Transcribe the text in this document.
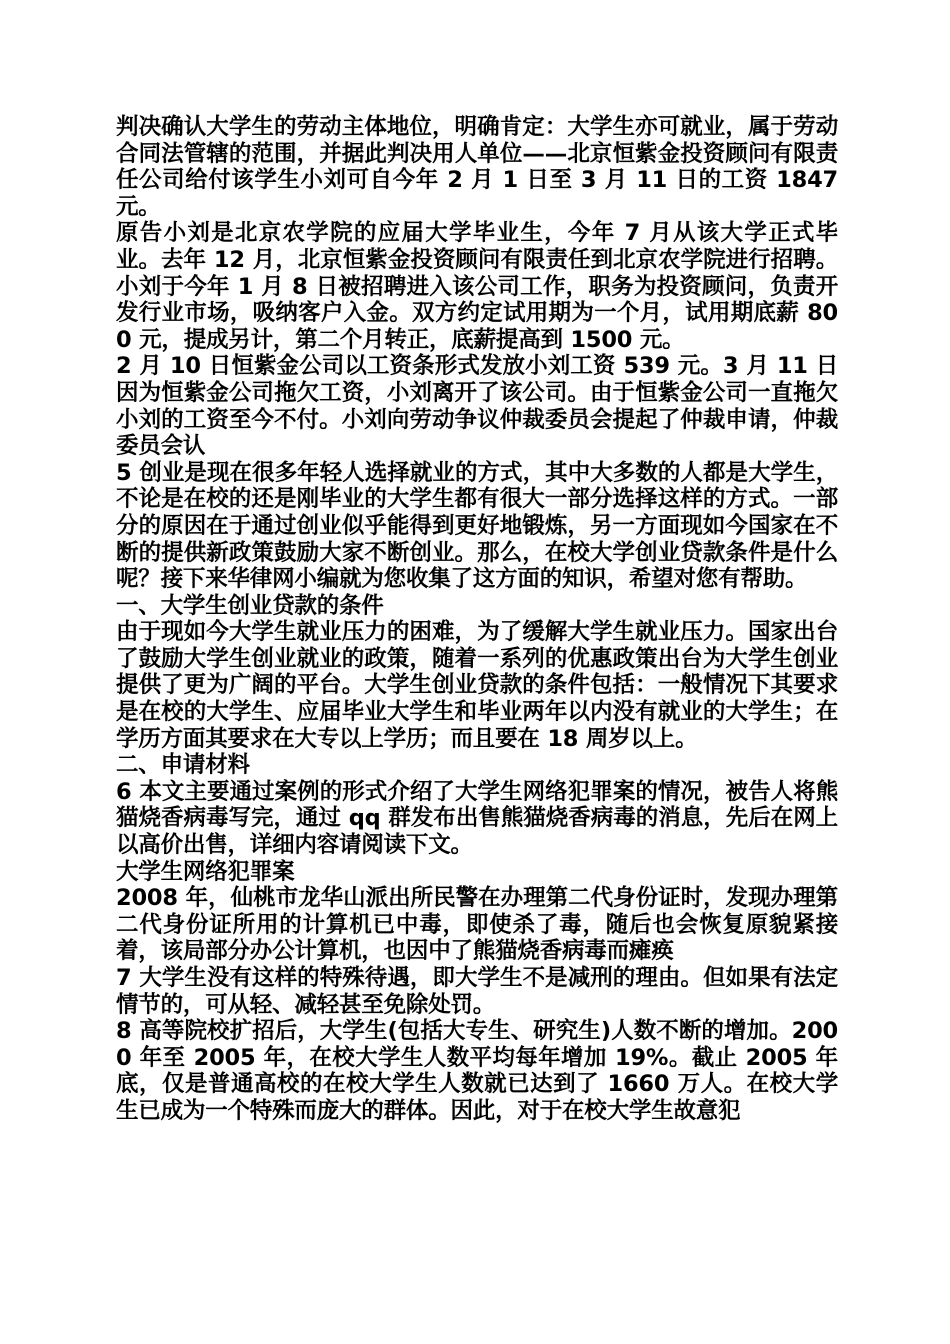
判决确认大学生的劳动主体地位，明确肯定：大学生亦可就业，属于劳动合同法管辖的范围，并据此判决用人单位——北京恒紫金投资顾问有限责任公司给付该学生小刘可自今年 2 月 1 日至 3 月 11 日的工资 1847 元。

原告小刘是北京农学院的应届大学毕业生，今年 7 月从该大学正式毕业。去年 12 月，北京恒紫金投资顾问有限责任到北京农学院进行招聘。小刘于今年 1 月 8 日被招聘进入该公司工作，职务为投资顾问，负责开发行业市场，吸纳客户入金。双方约定试用期为一个月，试用期底薪 800 元，提成另计，第二个月转正，底薪提高到 1500 元。

2 月 10 日恒紫金公司以工资条形式发放小刘工资 539 元。3 月 11 日因为恒紫金公司拖欠工资，小刘离开了该公司。由于恒紫金公司一直拖欠小刘的工资至今不付。小刘向劳动争议仲裁委员会提起了仲裁申请，仲裁委员会认

5 创业是现在很多年轻人选择就业的方式，其中大多数的人都是大学生，不论是在校的还是刚毕业的大学生都有很大一部分选择这样的方式。一部分的原因在于通过创业似乎能得到更好地锻炼，另一方面现如今国家在不断的提供新政策鼓励大家不断创业。那么，在校大学创业贷款条件是什么呢？接下来华律网小编就为您收集了这方面的知识，希望对您有帮助。

一、大学生创业贷款的条件

由于现如今大学生就业压力的困难，为了缓解大学生就业压力。国家出台了鼓励大学生创业就业的政策，随着一系列的优惠政策出台为大学生创业提供了更为广阔的平台。大学生创业贷款的条件包括：一般情况下其要求是在校的大学生、应届毕业大学生和毕业两年以内没有就业的大学生；在学历方面其要求在大专以上学历；而且要在 18 周岁以上。

二、申请材料

6 本文主要通过案例的形式介绍了大学生网络犯罪案的情况，被告人将熊猫烧香病毒写完，通过 qq 群发布出售熊猫烧香病毒的消息，先后在网上以高价出售，详细内容请阅读下文。

大学生网络犯罪案

2008 年，仙桃市龙华山派出所民警在办理第二代身份证时，发现办理第二代身份证所用的计算机已中毒，即使杀了毒，随后也会恢复原貌紧接着，该局部分办公计算机，也因中了熊猫烧香病毒而瘫痪

7 大学生没有这样的特殊待遇，即大学生不是减刑的理由。但如果有法定情节的，可从轻、减轻甚至免除处罚。

8 高等院校扩招后，大学生(包括大专生、研究生)人数不断的增加。2000 年至 2005 年，在校大学生人数平均每年增加 19%。截止 2005 年底，仅是普通高校的在校大学生人数就已达到了 1660 万人。在校大学生已成为一个特殊而庞大的群体。因此，对于在校大学生故意犯
